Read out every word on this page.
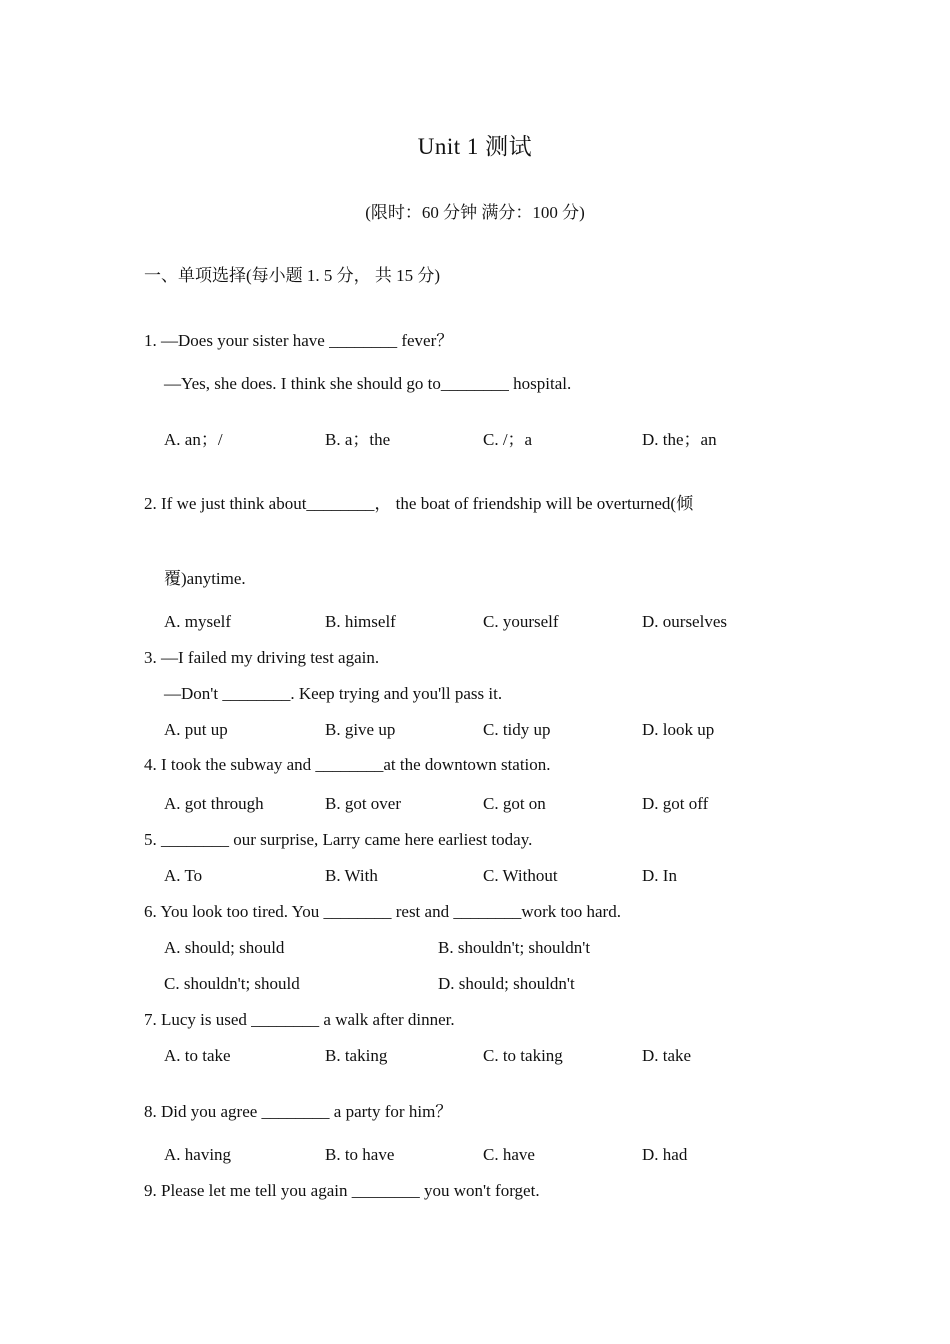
Unit 1 测试
(限时：60 分钟 满分：100 分)
一、单项选择(每小题 1. 5 分， 共 15 分)
1. —Does your sister have ________ fever？
—Yes, she does. I think she should go to________ hospital.
A. an；/	B. a；the	C. /；a	D. the；an
2. If we just think about________， the boat of friendship will be overturned(倾
覆)anytime.
A. myself	B. himself	C. yourself	D. ourselves
3. —I failed my driving test again.
—Don't ________. Keep trying and you'll pass it.
A. put up	B. give up	C. tidy up	D. look up
4. I took the subway and ________at the downtown station.
A. got through	B. got over	C. got on	D. got off
5. ________ our surprise, Larry came here earliest today.
A. To	B. With	C. Without	D. In
6. You look too tired. You ________ rest and ________work too hard.
A. should; should	B. shouldn't; shouldn't
C. shouldn't; should	D. should; shouldn't
7. Lucy is used ________ a walk after dinner.
A. to take	B. taking	C. to taking	D. take
8. Did you agree ________ a party for him？
A. having	B. to have	C. have	D. had
9. Please let me tell you again ________ you won't forget.
